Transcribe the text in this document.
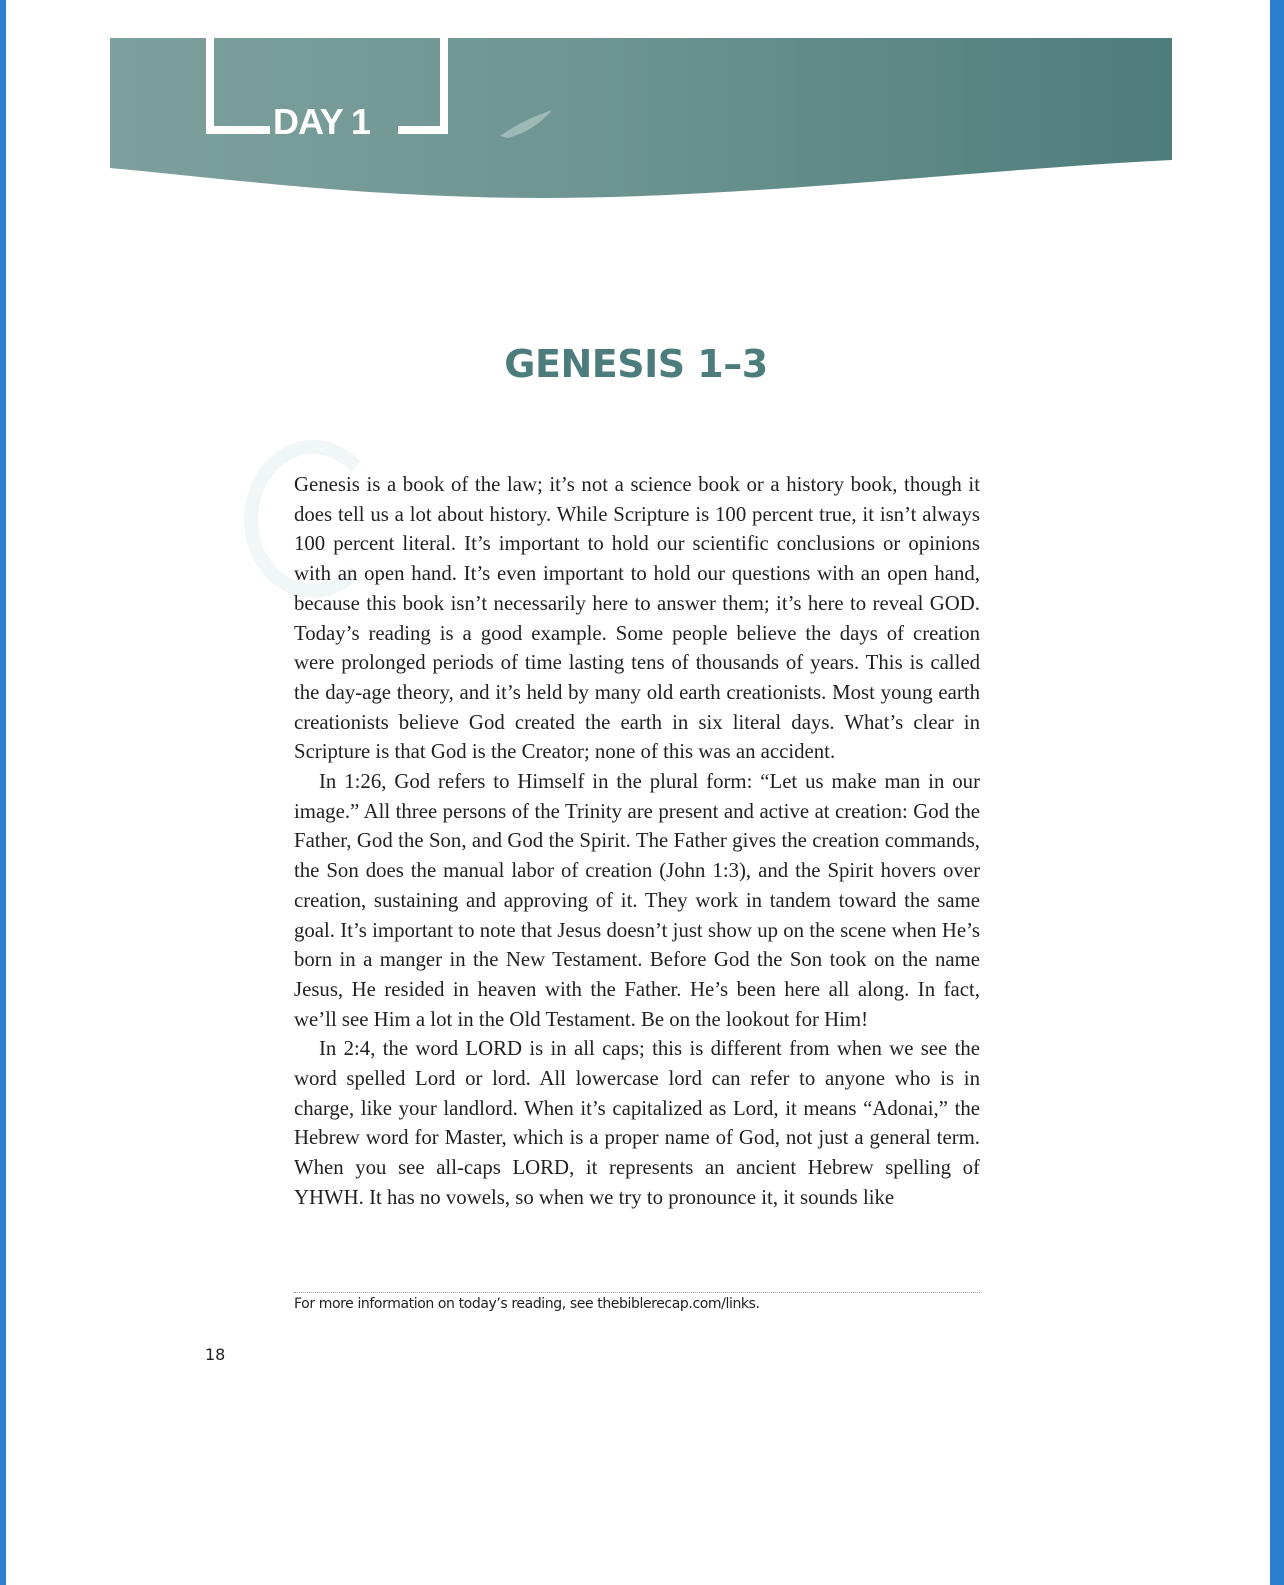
DAY 1
GENESIS 1–3

Genesis is a book of the law; it’s not a science book or a history book, though it does tell us a lot about history. While Scripture is 100 percent true, it isn’t always 100 percent literal. It’s important to hold our scientific conclusions or opinions with an open hand. It’s even important to hold our questions with an open hand, because this book isn’t necessarily here to answer them; it’s here to reveal GOD. Today’s reading is a good example. Some people believe the days of creation were prolonged periods of time lasting tens of thousands of years. This is called the day-age theory, and it’s held by many old earth creationists. Most young earth creationists believe God created the earth in six literal days. What’s clear in Scripture is that God is the Creator; none of this was an accident.

In 1:26, God refers to Himself in the plural form: “Let us make man in our image.” All three persons of the Trinity are present and active at creation: God the Father, God the Son, and God the Spirit. The Father gives the creation commands, the Son does the manual labor of creation (John 1:3), and the Spirit hovers over creation, sustaining and approving of it. They work in tandem toward the same goal. It’s important to note that Jesus doesn’t just show up on the scene when He’s born in a manger in the New Testament. Before God the Son took on the name Jesus, He resided in heaven with the Father. He’s been here all along. In fact, we’ll see Him a lot in the Old Testament. Be on the lookout for Him!

In 2:4, the word LORD is in all caps; this is different from when we see the word spelled Lord or lord. All lowercase lord can refer to anyone who is in charge, like your landlord. When it’s capitalized as Lord, it means “Adonai,” the Hebrew word for Master, which is a proper name of God, not just a general term. When you see all-caps LORD, it represents an ancient Hebrew spelling of YHWH. It has no vowels, so when we try to pronounce it, it sounds like

For more information on today’s reading, see thebiblerecap.com/links.
18
